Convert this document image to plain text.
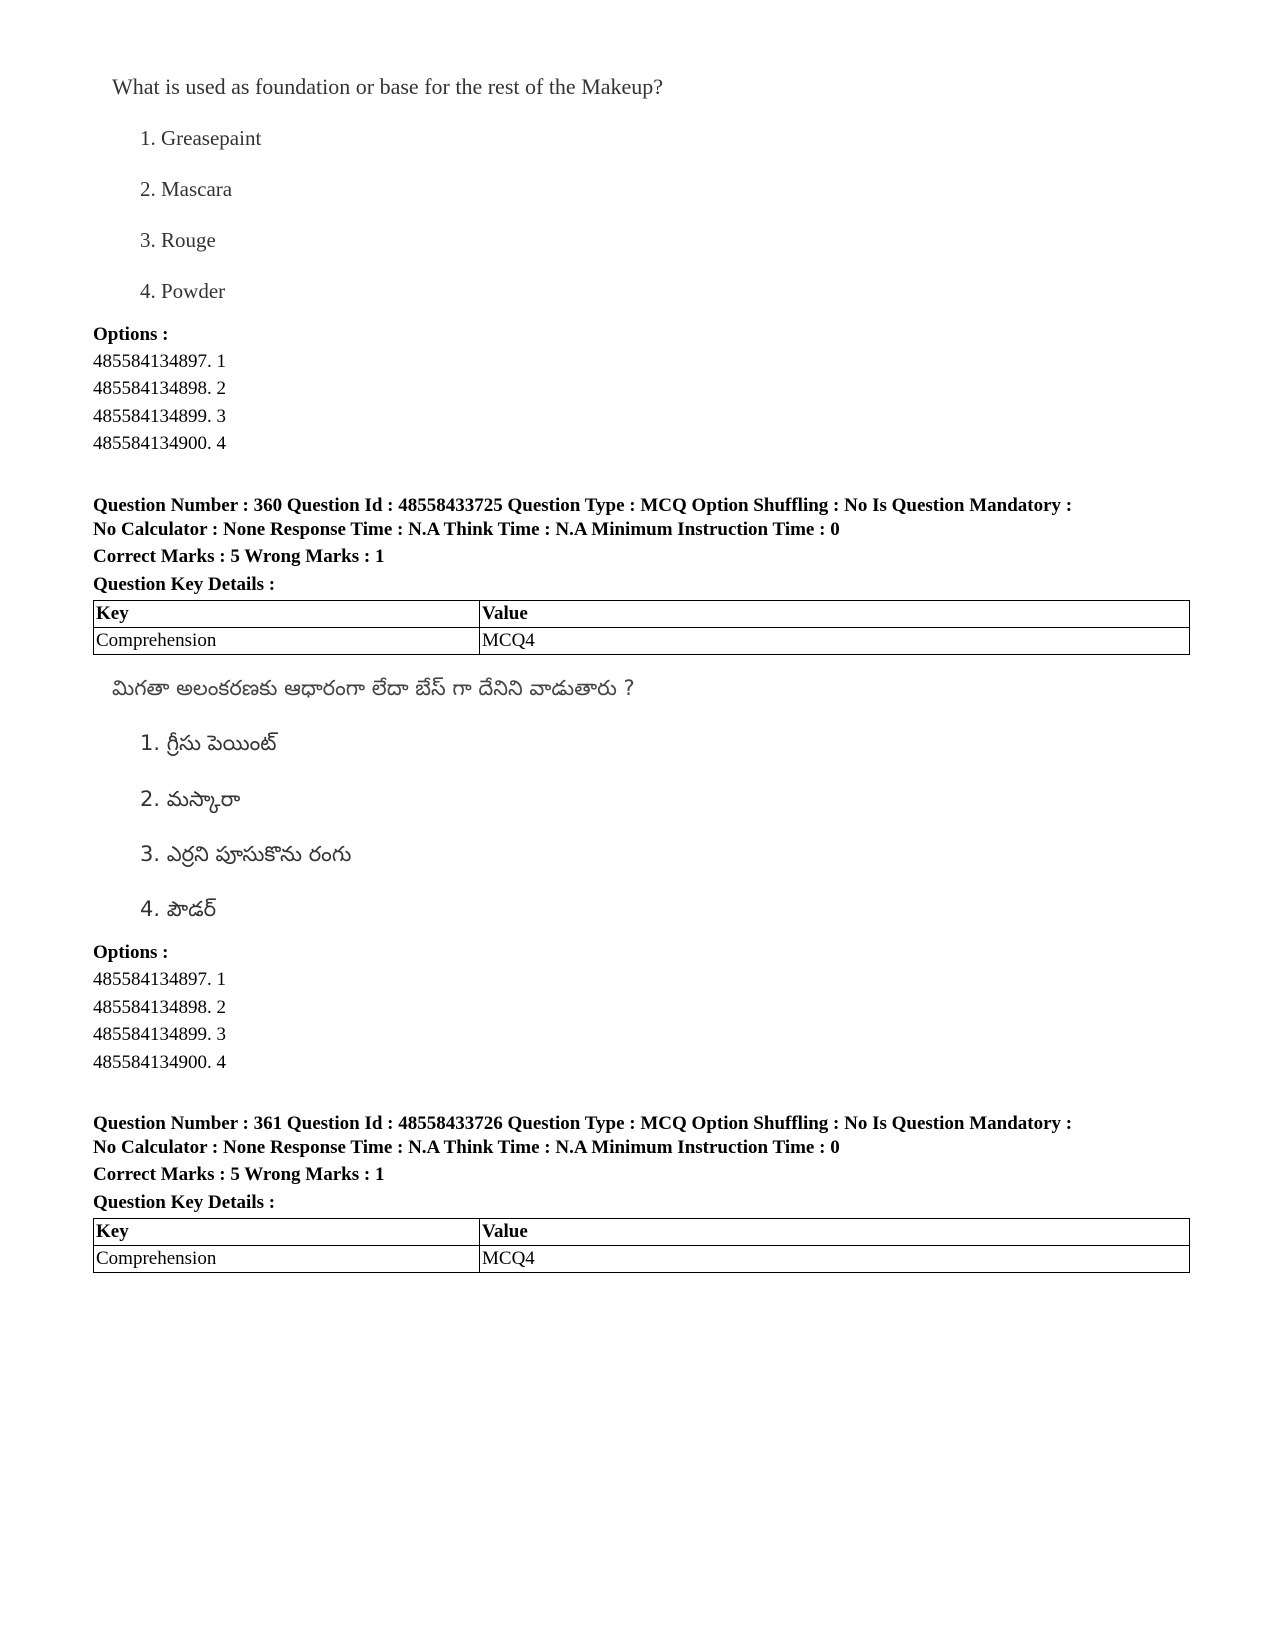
What is used as foundation or base for the rest of the Makeup?
1. Greasepaint
2. Mascara
3. Rouge
4. Powder
Options :
485584134897. 1
485584134898. 2
485584134899. 3
485584134900. 4
Question Number : 360 Question Id : 48558433725 Question Type : MCQ Option Shuffling : No Is Question Mandatory :
No Calculator : None Response Time : N.A Think Time : N.A Minimum Instruction Time : 0
Correct Marks : 5 Wrong Marks : 1
Question Key Details :
Key	Value
Comprehension	MCQ4
మిగతా అలంకరణకు ఆధారంగా లేదా బేస్ గా దేనిని వాడుతారు ?
1. గ్రీసు పెయింట్
2. మస్కారా
3. ఎర్రని పూసుకొను రంగు
4. పౌడర్
Options :
485584134897. 1
485584134898. 2
485584134899. 3
485584134900. 4
Question Number : 361 Question Id : 48558433726 Question Type : MCQ Option Shuffling : No Is Question Mandatory :
No Calculator : None Response Time : N.A Think Time : N.A Minimum Instruction Time : 0
Correct Marks : 5 Wrong Marks : 1
Question Key Details :
Key	Value
Comprehension	MCQ4
